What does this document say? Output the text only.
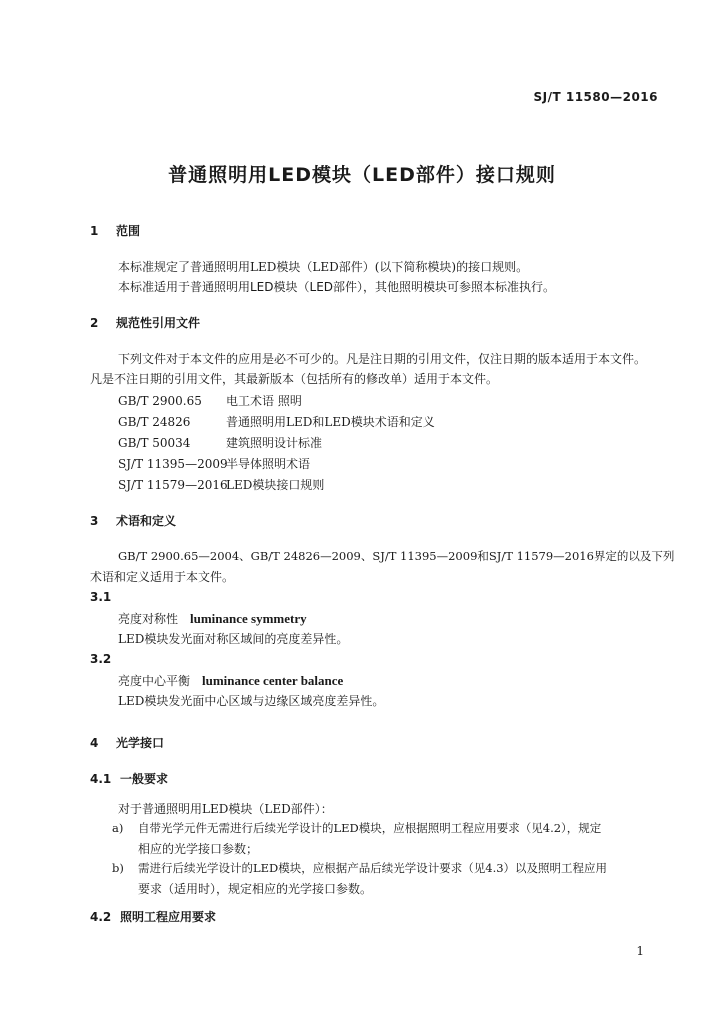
SJ/T 11580—2016
普通照明用LED模块（LED部件）接口规则
1 范围
本标准规定了普通照明用LED模块（LED部件）(以下简称模块)的接口规则。
本标准适用于普通照明用LED模块（LED部件），其他照明模块可参照本标准执行。
2 规范性引用文件
下列文件对于本文件的应用是必不可少的。凡是注日期的引用文件，仅注日期的版本适用于本文件。
凡是不注日期的引用文件，其最新版本（包括所有的修改单）适用于本文件。
GB/T 2900.65 电工术语 照明
GB/T 24826	普通照明用LED和LED模块术语和定义
GB/T 50034	建筑照明设计标准
SJ/T 11395—2009半导体照明术语
SJ/T 11579—2016LED模块接口规则
3 术语和定义
GB/T 2900.65—2004、GB/T 24826—2009、SJ/T 11395—2009和SJ/T 11579—2016界定的以及下列
术语和定义适用于本文件。
3.1
亮度对称性 luminance symmetry
LED模块发光面对称区域间的亮度差异性。
3.2
亮度中心平衡 luminance center balance
LED模块发光面中心区域与边缘区域亮度差异性。
4 光学接口
4.1 一般要求
对于普通照明用LED模块（LED部件）：
a) 自带光学元件无需进行后续光学设计的LED模块，应根据照明工程应用要求（见4.2），规定
相应的光学接口参数；
b) 需进行后续光学设计的LED模块，应根据产品后续光学设计要求（见4.3）以及照明工程应用
要求（适用时），规定相应的光学接口参数。
4.2 照明工程应用要求
1
